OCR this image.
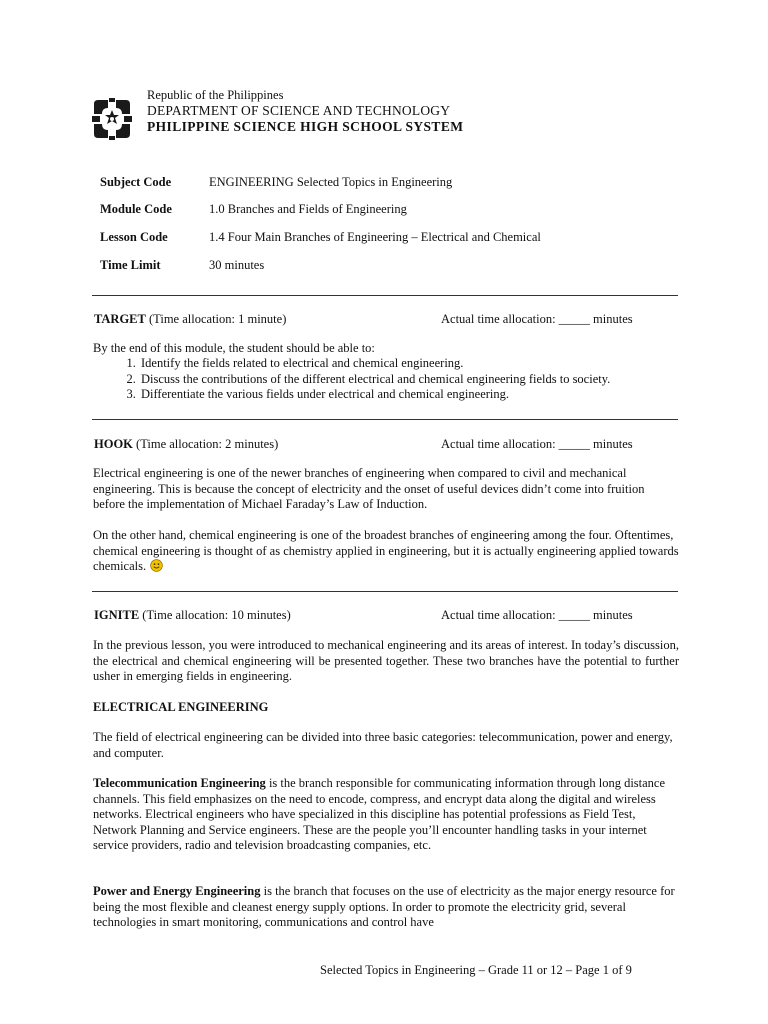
Republic of the Philippines
DEPARTMENT OF SCIENCE AND TECHNOLOGY
PHILIPPINE SCIENCE HIGH SCHOOL SYSTEM
Subject Code	ENGINEERING Selected Topics in Engineering
Module Code	1.0 Branches and Fields of Engineering
Lesson Code	1.4 Four Main Branches of Engineering – Electrical and Chemical
Time Limit	30 minutes
TARGET (Time allocation: 1 minute)	Actual time allocation: _____ minutes
By the end of this module, the student should be able to:
1. Identify the fields related to electrical and chemical engineering.
2. Discuss the contributions of the different electrical and chemical engineering fields to society.
3. Differentiate the various fields under electrical and chemical engineering.
HOOK (Time allocation: 2 minutes)	Actual time allocation: _____ minutes
Electrical engineering is one of the newer branches of engineering when compared to civil and mechanical engineering. This is because the concept of electricity and the onset of useful devices didn’t come into fruition before the implementation of Michael Faraday’s Law of Induction.
On the other hand, chemical engineering is one of the broadest branches of engineering among the four. Oftentimes, chemical engineering is thought of as chemistry applied in engineering, but it is actually engineering applied towards chemicals.
IGNITE (Time allocation: 10 minutes)	Actual time allocation: _____ minutes
In the previous lesson, you were introduced to mechanical engineering and its areas of interest. In today’s discussion, the electrical and chemical engineering will be presented together. These two branches have the potential to further usher in emerging fields in engineering.
ELECTRICAL ENGINEERING
The field of electrical engineering can be divided into three basic categories: telecommunication, power and energy, and computer.
Telecommunication Engineering is the branch responsible for communicating information through long distance channels. This field emphasizes on the need to encode, compress, and encrypt data along the digital and wireless networks. Electrical engineers who have specialized in this discipline has potential professions as Field Test, Network Planning and Service engineers. These are the people you’ll encounter handling tasks in your internet service providers, radio and television broadcasting companies, etc.
Power and Energy Engineering is the branch that focuses on the use of electricity as the major energy resource for being the most flexible and cleanest energy supply options. In order to promote the electricity grid, several technologies in smart monitoring, communications and control have
Selected Topics in Engineering – Grade 11 or 12 – Page 1 of 9
